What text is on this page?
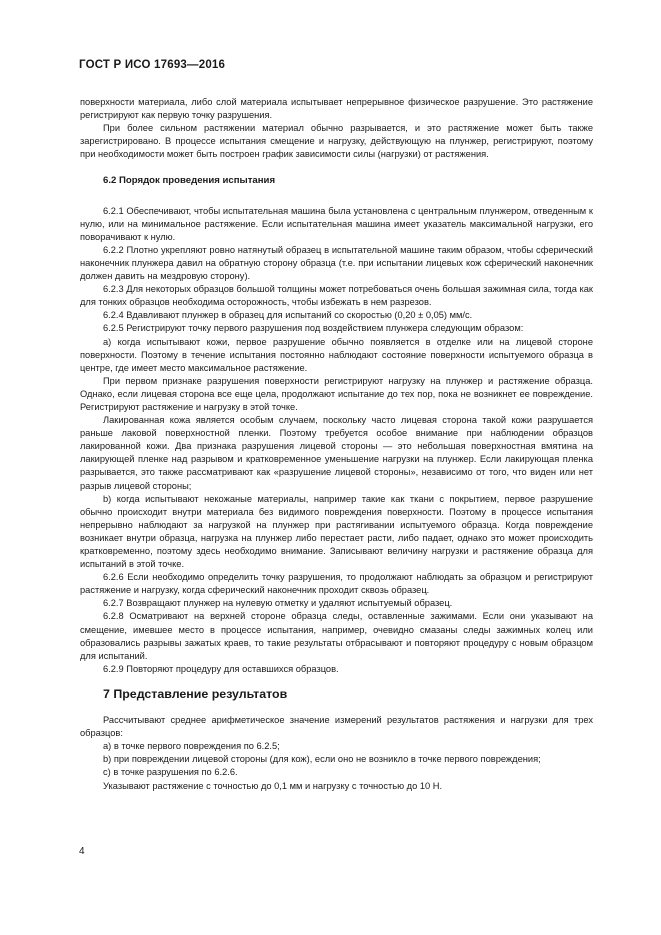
ГОСТ Р ИСО 17693—2016

поверхности материала, либо слой материала испытывает непрерывное физическое разрушение. Это растяжение регистрируют как первую точку разрушения.

При более сильном растяжении материал обычно разрывается, и это растяжение может быть также зарегистрировано. В процессе испытания смещение и нагрузку, действующую на плунжер, регистрируют, поэтому при необходимости может быть построен график зависимости силы (нагрузки) от растяжения.

6.2 Порядок проведения испытания

6.2.1 Обеспечивают, чтобы испытательная машина была установлена с центральным плунжером, отведенным к нулю, или на минимальное растяжение. Если испытательная машина имеет указатель максимальной нагрузки, его поворачивают к нулю.

6.2.2 Плотно укрепляют ровно натянутый образец в испытательной машине таким образом, чтобы сферический наконечник плунжера давил на обратную сторону образца (т.е. при испытании лицевых кож сферический наконечник должен давить на мездровую сторону).

6.2.3 Для некоторых образцов большой толщины может потребоваться очень большая зажимная сила, тогда как для тонких образцов необходима осторожность, чтобы избежать в нем разрезов.

6.2.4 Вдавливают плунжер в образец для испытаний со скоростью (0,20 ± 0,05) мм/с.

6.2.5 Регистрируют точку первого разрушения под воздействием плунжера следующим образом:

а) когда испытывают кожи, первое разрушение обычно появляется в отделке или на лицевой стороне поверхности. Поэтому в течение испытания постоянно наблюдают состояние поверхности испытуемого образца в центре, где имеет место максимальное растяжение.

При первом признаке разрушения поверхности регистрируют нагрузку на плунжер и растяжение образца. Однако, если лицевая сторона все еще цела, продолжают испытание до тех пор, пока не возникнет ее повреждение. Регистрируют растяжение и нагрузку в этой точке.

Лакированная кожа является особым случаем, поскольку часто лицевая сторона такой кожи разрушается раньше лаковой поверхностной пленки. Поэтому требуется особое внимание при наблюдении образцов лакированной кожи. Два признака разрушения лицевой стороны — это небольшая поверхностная вмятина на лакирующей пленке над разрывом и кратковременное уменьшение нагрузки на плунжер. Если лакирующая пленка разрывается, это также рассматривают как «разрушение лицевой стороны», независимо от того, что виден или нет разрыв лицевой стороны;

b) когда испытывают некожаные материалы, например такие как ткани с покрытием, первое разрушение обычно происходит внутри материала без видимого повреждения поверхности. Поэтому в процессе испытания непрерывно наблюдают за нагрузкой на плунжер при растягивании испытуемого образца. Когда повреждение возникает внутри образца, нагрузка на плунжер либо перестает расти, либо падает, однако это может происходить кратковременно, поэтому здесь необходимо внимание. Записывают величину нагрузки и растяжение образца для испытаний в этой точке.

6.2.6 Если необходимо определить точку разрушения, то продолжают наблюдать за образцом и регистрируют растяжение и нагрузку, когда сферический наконечник проходит сквозь образец.

6.2.7 Возвращают плунжер на нулевую отметку и удаляют испытуемый образец.

6.2.8 Осматривают на верхней стороне образца следы, оставленные зажимами. Если они указывают на смещение, имевшее место в процессе испытания, например, очевидно смазаны следы зажимных колец или образовались разрывы зажатых краев, то такие результаты отбрасывают и повторяют процедуру с новым образцом для испытаний.

6.2.9 Повторяют процедуру для оставшихся образцов.

7 Представление результатов

Рассчитывают среднее арифметическое значение измерений результатов растяжения и нагрузки для трех образцов:

а) в точке первого повреждения по 6.2.5;

b) при повреждении лицевой стороны (для кож), если оно не возникло в точке первого повреждения;

с) в точке разрушения по 6.2.6.

Указывают растяжение с точностью до 0,1 мм и нагрузку с точностью до 10 Н.

4
